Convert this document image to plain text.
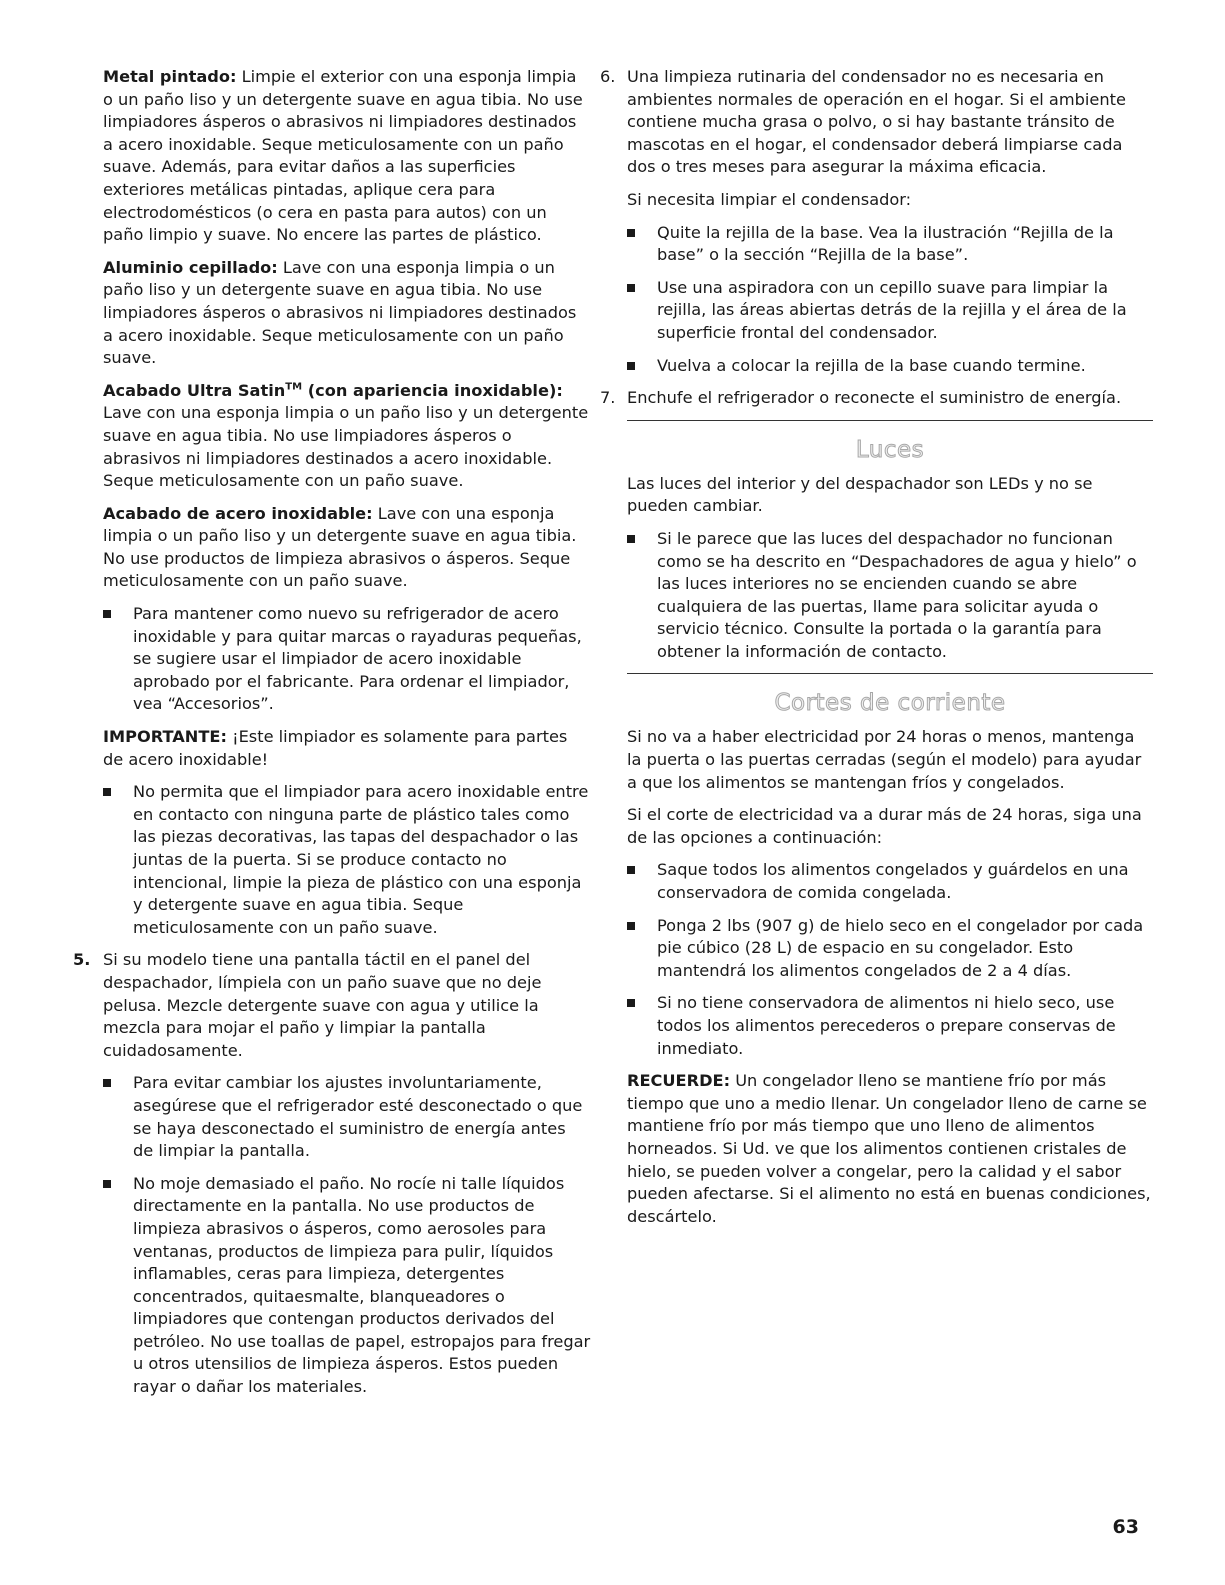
Metal pintado: Limpie el exterior con una esponja limpia o un paño liso y un detergente suave en agua tibia. No use limpiadores ásperos o abrasivos ni limpiadores destinados a acero inoxidable. Seque meticulosamente con un paño suave. Además, para evitar daños a las superficies exteriores metálicas pintadas, aplique cera para electrodomésticos (o cera en pasta para autos) con un paño limpio y suave. No encere las partes de plástico.

Aluminio cepillado: Lave con una esponja limpia o un paño liso y un detergente suave en agua tibia. No use limpiadores ásperos o abrasivos ni limpiadores destinados a acero inoxidable. Seque meticulosamente con un paño suave.

Acabado Ultra Satin™ (con apariencia inoxidable): Lave con una esponja limpia o un paño liso y un detergente suave en agua tibia. No use limpiadores ásperos o abrasivos ni limpiadores destinados a acero inoxidable. Seque meticulosamente con un paño suave.

Acabado de acero inoxidable: Lave con una esponja limpia o un paño liso y un detergente suave en agua tibia. No use productos de limpieza abrasivos o ásperos. Seque meticulosamente con un paño suave.

Para mantener como nuevo su refrigerador de acero inoxidable y para quitar marcas o rayaduras pequeñas, se sugiere usar el limpiador de acero inoxidable aprobado por el fabricante. Para ordenar el limpiador, vea “Accesorios”.

IMPORTANTE: ¡Este limpiador es solamente para partes de acero inoxidable!

No permita que el limpiador para acero inoxidable entre en contacto con ninguna parte de plástico tales como las piezas decorativas, las tapas del despachador o las juntas de la puerta. Si se produce contacto no intencional, limpie la pieza de plástico con una esponja y detergente suave en agua tibia. Seque meticulosamente con un paño suave.
5. Si su modelo tiene una pantalla táctil en el panel del despachador, límpiela con un paño suave que no deje pelusa. Mezcle detergente suave con agua y utilice la mezcla para mojar el paño y limpiar la pantalla cuidadosamente.

Para evitar cambiar los ajustes involuntariamente, asegúrese que el refrigerador esté desconectado o que se haya desconectado el suministro de energía antes de limpiar la pantalla.
No moje demasiado el paño. No rocíe ni talle líquidos directamente en la pantalla. No use productos de limpieza abrasivos o ásperos, como aerosoles para ventanas, productos de limpieza para pulir, líquidos inflamables, ceras para limpieza, detergentes concentrados, quitaesmalte, blanqueadores o limpiadores que contengan productos derivados del petróleo. No use toallas de papel, estropajos para fregar u otros utensilios de limpieza ásperos. Estos pueden rayar o dañar los materiales.
6. Una limpieza rutinaria del condensador no es necesaria en ambientes normales de operación en el hogar. Si el ambiente contiene mucha grasa o polvo, o si hay bastante tránsito de mascotas en el hogar, el condensador deberá limpiarse cada dos o tres meses para asegurar la máxima eficacia.

Si necesita limpiar el condensador:

Quite la rejilla de la base. Vea la ilustración “Rejilla de la base” o la sección “Rejilla de la base”.
Use una aspiradora con un cepillo suave para limpiar la rejilla, las áreas abiertas detrás de la rejilla y el área de la superficie frontal del condensador.
Vuelva a colocar la rejilla de la base cuando termine.
7. Enchufe el refrigerador o reconecte el suministro de energía.

Luces

Las luces del interior y del despachador son LEDs y no se pueden cambiar.

Si le parece que las luces del despachador no funcionan como se ha descrito en “Despachadores de agua y hielo” o las luces interiores no se encienden cuando se abre cualquiera de las puertas, llame para solicitar ayuda o servicio técnico. Consulte la portada o la garantía para obtener la información de contacto.
Cortes de corriente

Si no va a haber electricidad por 24 horas o menos, mantenga la puerta o las puertas cerradas (según el modelo) para ayudar a que los alimentos se mantengan fríos y congelados.

Si el corte de electricidad va a durar más de 24 horas, siga una de las opciones a continuación:

Saque todos los alimentos congelados y guárdelos en una conservadora de comida congelada.
Ponga 2 lbs (907 g) de hielo seco en el congelador por cada pie cúbico (28 L) de espacio en su congelador. Esto mantendrá los alimentos congelados de 2 a 4 días.
Si no tiene conservadora de alimentos ni hielo seco, use todos los alimentos perecederos o prepare conservas de inmediato.

RECUERDE: Un congelador lleno se mantiene frío por más tiempo que uno a medio llenar. Un congelador lleno de carne se mantiene frío por más tiempo que uno lleno de alimentos horneados. Si Ud. ve que los alimentos contienen cristales de hielo, se pueden volver a congelar, pero la calidad y el sabor pueden afectarse. Si el alimento no está en buenas condiciones, descártelo.

63
